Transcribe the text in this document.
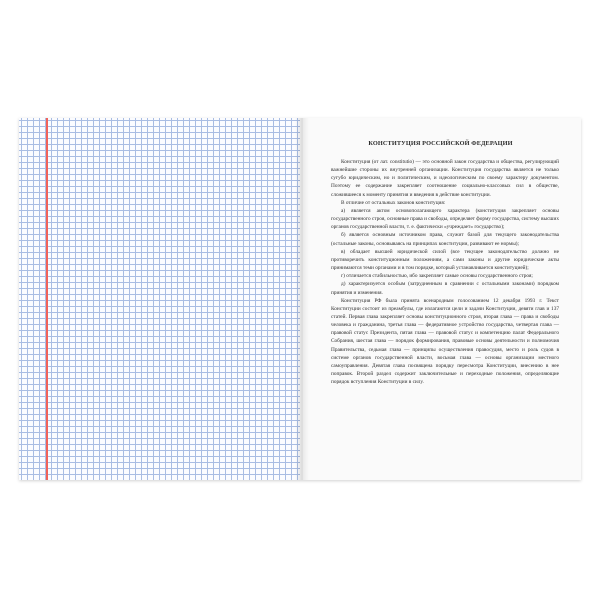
КОНСТИТУЦИЯ РОССИЙСКОЙ ФЕДЕРАЦИИ

Конституция (от лат. constitutio) — это основной закон государства и общества, регулирующий важнейшие стороны их внутренней организации. Конституция государства является не только сугубо юридическим, но и политическим, и идеологическим по своему характеру документом. Поэтому ее содержание закрепляет соотношение социально-классовых сил в обществе, сложившееся к моменту принятия и введения в действие конституции.

В отличие от остальных законов конституция:

а) является актом основополагающего характера (конституция закрепляет основы государственного строя, основные права и свободы, определяет форму государства, систему высших органов государственной власти, т. е. фактически «учреждает» государство);

б) является основным источником права, служит базой для текущего законодательства (остальные законы, основываясь на принципах конституции, развивают ее нормы);

в) обладает высшей юридической силой (все текущее законодательство должно не противоречить конституционным положениям, а сами законы и другие юридические акты принимаются теми органами и в том порядке, который устанавливается конституцией);

г) отличается стабильностью, ибо закрепляет самые основы государственного строя;

д) характеризуется особым (затрудненным в сравнении с остальными законами) порядком принятия и изменения.

Конституция РФ была принята всенародным голосованием 12 декабря 1993 г. Текст Конституции состоит из преамбулы, где излагаются цели и задачи Конституции, девяти глав и 137 статей. Первая глава закрепляет основы конституционного строя, вторая глава — права и свободы человека и гражданина, третья глава — федеративное устройство государства, четвертая глава — правовой статус Президента, пятая глава — правовой статус и компетенцию палат Федерального Собрания, шестая глава — порядок формирования, правовые основы деятельности и полномочия Правительства, седьмая глава — принципы осуществления правосудия, место и роль судов в системе органов государственной власти, восьмая глава — основы организации местного самоуправления. Девятая глава посвящена порядку пересмотра Конституции, внесению в нее поправок. Второй раздел содержит заключительные и переходные положения, определяющие порядок вступления Конституции в силу.
